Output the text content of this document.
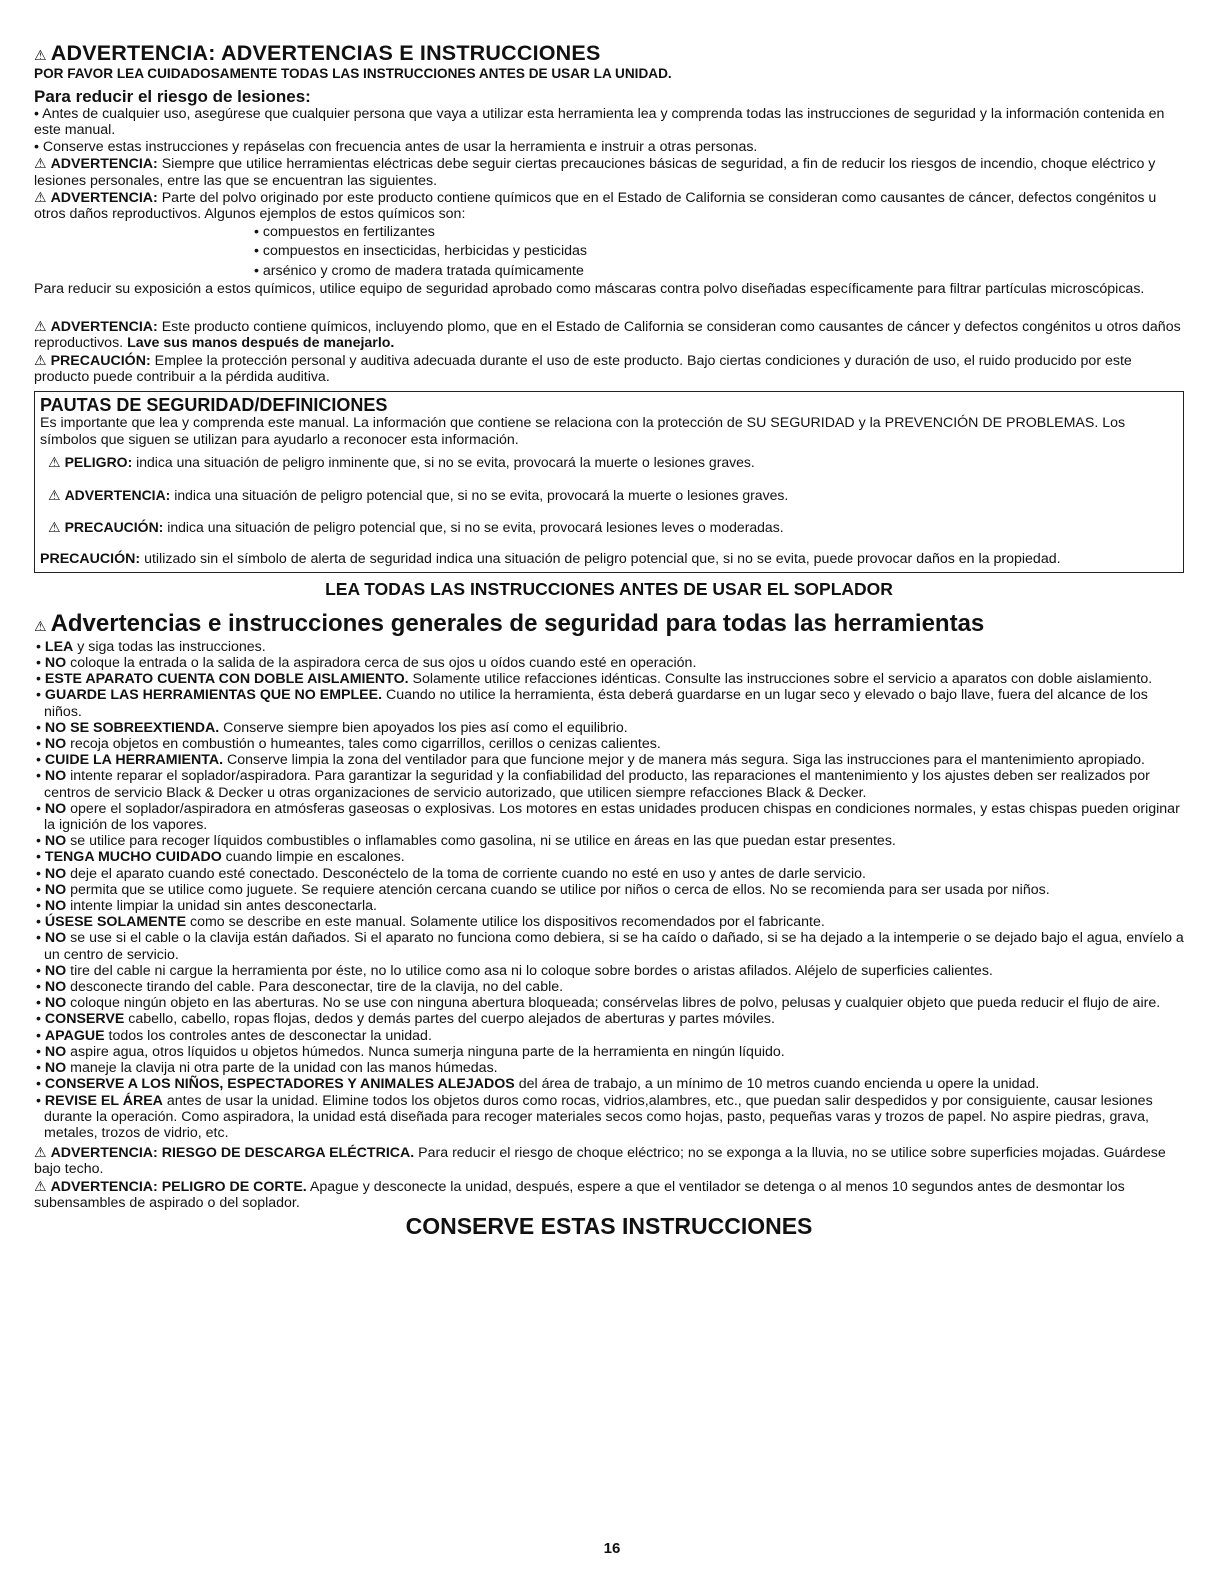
⚠ ADVERTENCIA: ADVERTENCIAS E INSTRUCCIONES
POR FAVOR LEA CUIDADOSAMENTE TODAS LAS INSTRUCCIONES ANTES DE USAR LA UNIDAD.
Para reducir el riesgo de lesiones:
• Antes de cualquier uso, asegúrese que cualquier persona que vaya a utilizar esta herramienta lea y comprenda todas las instrucciones de seguridad y la información contenida en este manual.
• Conserve estas instrucciones y repáselas con frecuencia antes de usar la herramienta e instruir a otras personas.
⚠ ADVERTENCIA: Siempre que utilice herramientas eléctricas debe seguir ciertas precauciones básicas de seguridad, a fin de reducir los riesgos de incendio, choque eléctrico y lesiones personales, entre las que se encuentran las siguientes.
⚠ ADVERTENCIA: Parte del polvo originado por este producto contiene químicos que en el Estado de California se consideran como causantes de cáncer, defectos congénitos u otros daños reproductivos. Algunos ejemplos de estos químicos son:
• compuestos en fertilizantes
• compuestos en insecticidas, herbicidas y pesticidas
• arsénico y cromo de madera tratada químicamente
Para reducir su exposición a estos químicos, utilice equipo de seguridad aprobado como máscaras contra polvo diseñadas específicamente para filtrar partículas microscópicas.
⚠ ADVERTENCIA: Este producto contiene químicos, incluyendo plomo, que en el Estado de California se consideran como causantes de cáncer y defectos congénitos u otros daños reproductivos. Lave sus manos después de manejarlo.
⚠ PRECAUCIÓN: Emplee la protección personal y auditiva adecuada durante el uso de este producto. Bajo ciertas condiciones y duración de uso, el ruido producido por este producto puede contribuir a la pérdida auditiva.
PAUTAS DE SEGURIDAD/DEFINICIONES
Es importante que lea y comprenda este manual. La información que contiene se relaciona con la protección de SU SEGURIDAD y la PREVENCIÓN DE PROBLEMAS. Los símbolos que siguen se utilizan para ayudarlo a reconocer esta información.
⚠ PELIGRO: indica una situación de peligro inminente que, si no se evita, provocará la muerte o lesiones graves.
⚠ ADVERTENCIA: indica una situación de peligro potencial que, si no se evita, provocará la muerte o lesiones graves.
⚠ PRECAUCIÓN: indica una situación de peligro potencial que, si no se evita, provocará lesiones leves o moderadas.
PRECAUCIÓN: utilizado sin el símbolo de alerta de seguridad indica una situación de peligro potencial que, si no se evita, puede provocar daños en la propiedad.
LEA TODAS LAS INSTRUCCIONES ANTES DE USAR EL SOPLADOR
⚠ Advertencias e instrucciones generales de seguridad para todas las herramientas
• LEA y siga todas las instrucciones.
• NO coloque la entrada o la salida de la aspiradora cerca de sus ojos u oídos cuando esté en operación.
• ESTE APARATO CUENTA CON DOBLE AISLAMIENTO. Solamente utilice refacciones idénticas. Consulte las instrucciones sobre el servicio a aparatos con doble aislamiento.
• GUARDE LAS HERRAMIENTAS QUE NO EMPLEE. Cuando no utilice la herramienta, ésta deberá guardarse en un lugar seco y elevado o bajo llave, fuera del alcance de los niños.
• NO SE SOBREEXTIENDA. Conserve siempre bien apoyados los pies así como el equilibrio.
• NO recoja objetos en combustión o humeantes, tales como cigarrillos, cerillos o cenizas calientes.
• CUIDE LA HERRAMIENTA. Conserve limpia la zona del ventilador para que funcione mejor y de manera más segura. Siga las instrucciones para el mantenimiento apropiado.
• NO intente reparar el soplador/aspiradora. Para garantizar la seguridad y la confiabilidad del producto, las reparaciones el mantenimiento y los ajustes deben ser realizados por centros de servicio Black & Decker u otras organizaciones de servicio autorizado, que utilicen siempre refacciones Black & Decker.
• NO opere el soplador/aspiradora en atmósferas gaseosas o explosivas. Los motores en estas unidades producen chispas en condiciones normales, y estas chispas pueden originar la ignición de los vapores.
• NO se utilice para recoger líquidos combustibles o inflamables como gasolina, ni se utilice en áreas en las que puedan estar presentes.
• TENGA MUCHO CUIDADO cuando limpie en escalones.
• NO deje el aparato cuando esté conectado. Desconéctelo de la toma de corriente cuando no esté en uso y antes de darle servicio.
• NO permita que se utilice como juguete. Se requiere atención cercana cuando se utilice por niños o cerca de ellos. No se recomienda para ser usada por niños.
• NO intente limpiar la unidad sin antes desconectarla.
• ÚSESE SOLAMENTE como se describe en este manual. Solamente utilice los dispositivos recomendados por el fabricante.
• NO se use si el cable o la clavija están dañados. Si el aparato no funciona como debiera, si se ha caído o dañado, si se ha dejado a la intemperie o se dejado bajo el agua, envíelo a un centro de servicio.
• NO tire del cable ni cargue la herramienta por éste, no lo utilice como asa ni lo coloque sobre bordes o aristas afilados. Aléjelo de superficies calientes.
• NO desconecte tirando del cable. Para desconectar, tire de la clavija, no del cable.
• NO coloque ningún objeto en las aberturas. No se use con ninguna abertura bloqueada; consérvelas libres de polvo, pelusas y cualquier objeto que pueda reducir el flujo de aire.
• CONSERVE cabello, cabello, ropas flojas, dedos y demás partes del cuerpo alejados de aberturas y partes móviles.
• APAGUE todos los controles antes de desconectar la unidad.
• NO aspire agua, otros líquidos u objetos húmedos. Nunca sumerja ninguna parte de la herramienta en ningún líquido.
• NO maneje la clavija ni otra parte de la unidad con las manos húmedas.
• CONSERVE A LOS NIÑOS, ESPECTADORES Y ANIMALES ALEJADOS del área de trabajo, a un mínimo de 10 metros cuando encienda u opere la unidad.
• REVISE EL ÁREA antes de usar la unidad. Elimine todos los objetos duros como rocas, vidrios,alambres, etc., que puedan salir despedidos y por consiguiente, causar lesiones durante la operación. Como aspiradora, la unidad está diseñada para recoger materiales secos como hojas, pasto, pequeñas varas y trozos de papel. No aspire piedras, grava, metales, trozos de vidrio, etc.
⚠ ADVERTENCIA: RIESGO DE DESCARGA ELÉCTRICA. Para reducir el riesgo de choque eléctrico; no se exponga a la lluvia, no se utilice sobre superficies mojadas. Guárdese bajo techo.
⚠ ADVERTENCIA: PELIGRO DE CORTE. Apague y desconecte la unidad, después, espere a que el ventilador se detenga o al menos 10 segundos antes de desmontar los subensambles de aspirado o del soplador.
CONSERVE ESTAS INSTRUCCIONES
16
